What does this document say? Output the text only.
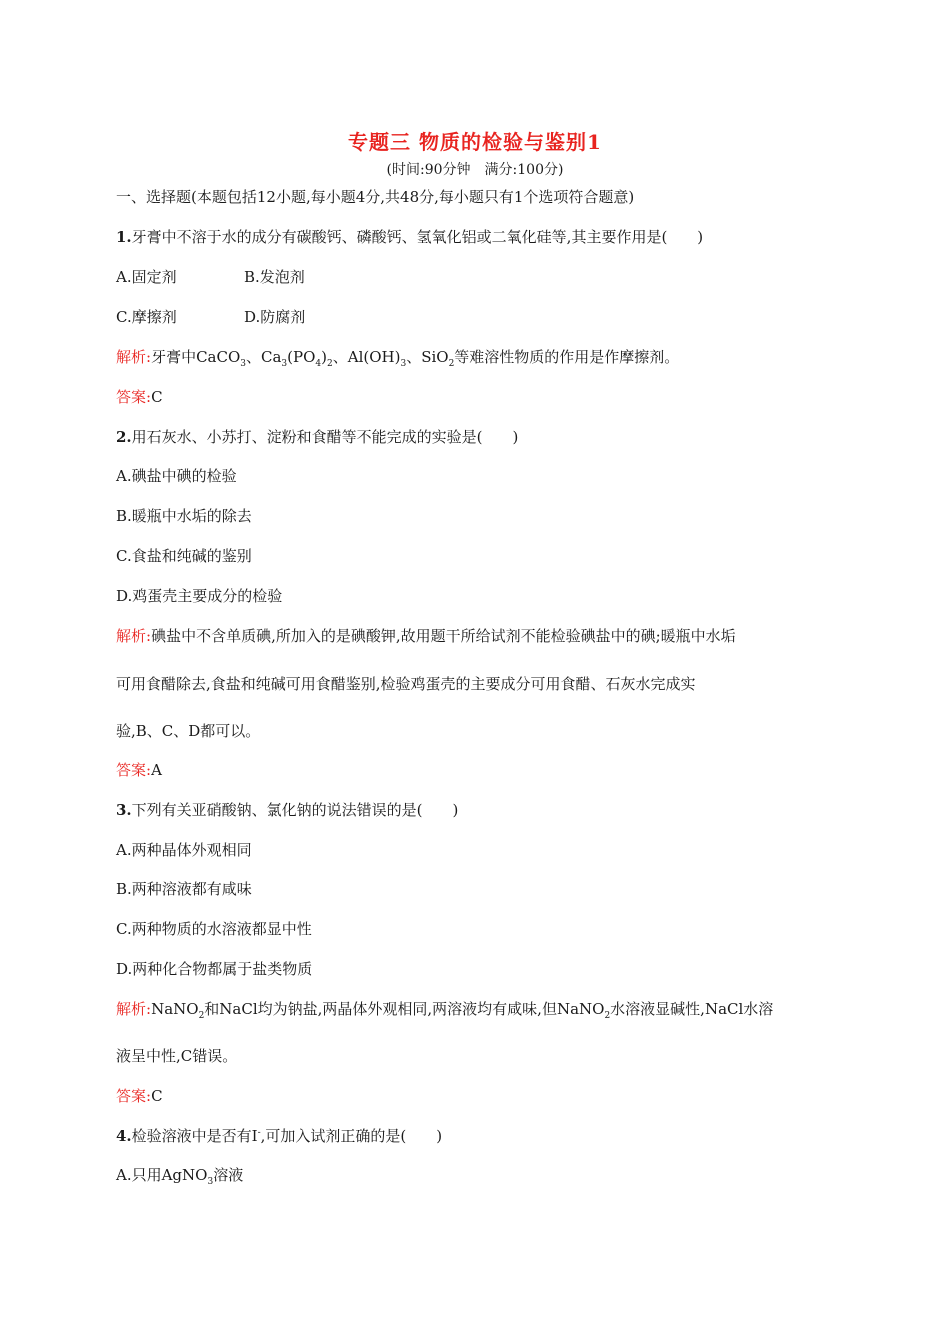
专题三 物质的检验与鉴别1
(时间:90分钟　满分:100分)
一、选择题(本题包括12小题,每小题4分,共48分,每小题只有1个选项符合题意)
1.牙膏中不溶于水的成分有碳酸钙、磷酸钙、氢氧化铝或二氧化硅等,其主要作用是(　　)
A.固定剂	B.发泡剂
C.摩擦剂	D.防腐剂
解析:牙膏中CaCO$_3$、$Ca_3(PO_4)_2$、$Al(OH)_3$、SiO$_2$等难溶性物质的作用是作摩擦剂。
答案:C
2.用石灰水、小苏打、淀粉和食醋等不能完成的实验是(　　)
A.碘盐中碘的检验
B.暖瓶中水垢的除去
C.食盐和纯碱的鉴别
D.鸡蛋壳主要成分的检验
解析:碘盐中不含单质碘,所加入的是碘酸钾,故用题干所给试剂不能检验碘盐中的碘;暖瓶中水垢
可用食醋除去,食盐和纯碱可用食醋鉴别,检验鸡蛋壳的主要成分可用食醋、石灰水完成实
验,B、C、D都可以。
答案:A
3.下列有关亚硝酸钠、氯化钠的说法错误的是(　　)
A.两种晶体外观相同
B.两种溶液都有咸味
C.两种物质的水溶液都显中性
D.两种化合物都属于盐类物质
解析:NaNO$_2$和NaCl均为钠盐,两晶体外观相同,两溶液均有咸味,但NaNO$_2$水溶液显碱性,NaCl水溶
液呈中性,C错误。
答案:C
4.检验溶液中是否有I-,可加入试剂正确的是(　　)
A.只用AgNO$_3$溶液
